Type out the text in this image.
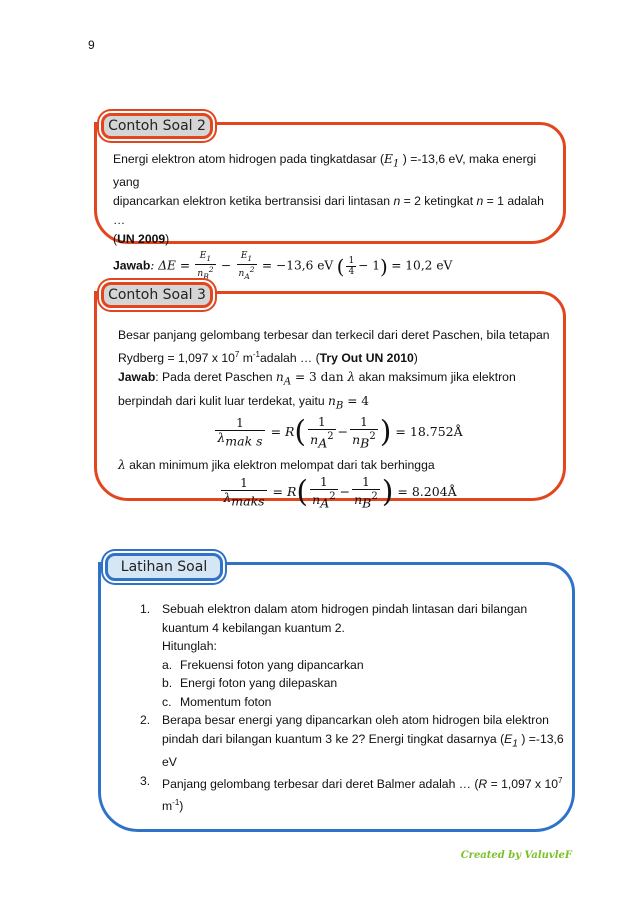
9
Contoh Soal 2

Energi elektron atom hidrogen pada tingkatdasar ($E_1$ ) =-13,6 eV, maka energi yang

dipancarkan elektron ketika bertransisi dari lintasan n = 2 ketingkat n = 1 adalah …

(UN 2009)

Jawab: $\Delta E = \frac{E_1}{n_B^2} - \frac{E_1}{n_A^2} = -13,6$ eV ( $\frac{1}{4} - 1) = 10,2$ eV

Contoh Soal 3

Besar panjang gelombang terbesar dan terkecil dari deret Paschen, bila tetapan

Rydberg = 1,097 x $10^7$ $m^{-1}adalah$ … (Try Out UN 2010)

Jawab: Pada deret Paschen $n_A = 3$ dan λ akan maksimum jika elektron

berpindah dari kulit luar terdekat, yaitu $n_B = 4$

$\frac{1}{\lambda_{mak s}} = R( \frac{1}{n_A^2} - \frac{1}{n_B^2}$ ) = 18.752Å

λ akan minimum jika elektron melompat dari tak berhingga

$\frac{1}{\lambda_{maks}} = R( \frac{1}{n_A^2} - \frac{1}{n_B^2}$ ) = 8.204Å
Latihan Soal
1. Sebuah elektron dalam atom hidrogen pindah lintasan dari bilangan

kuantum 4 kebilangan kuantum 2.

Hitunglah:

a. Frekuensi foton yang dipancarkan
b. Energi foton yang dilepaskan
c. Momentum foton
2. Berapa besar energi yang dipancarkan oleh atom hidrogen bila elektron

pindah dari bilangan kuantum 3 ke 2? Energi tingkat dasarnya ($E_1$ ) =-13,6

eV

3. Panjang gelombang terbesar dari deret Balmer adalah … (R = 1,097 x $10^7$

$m^{-1}$)

Created by ValuvleF
